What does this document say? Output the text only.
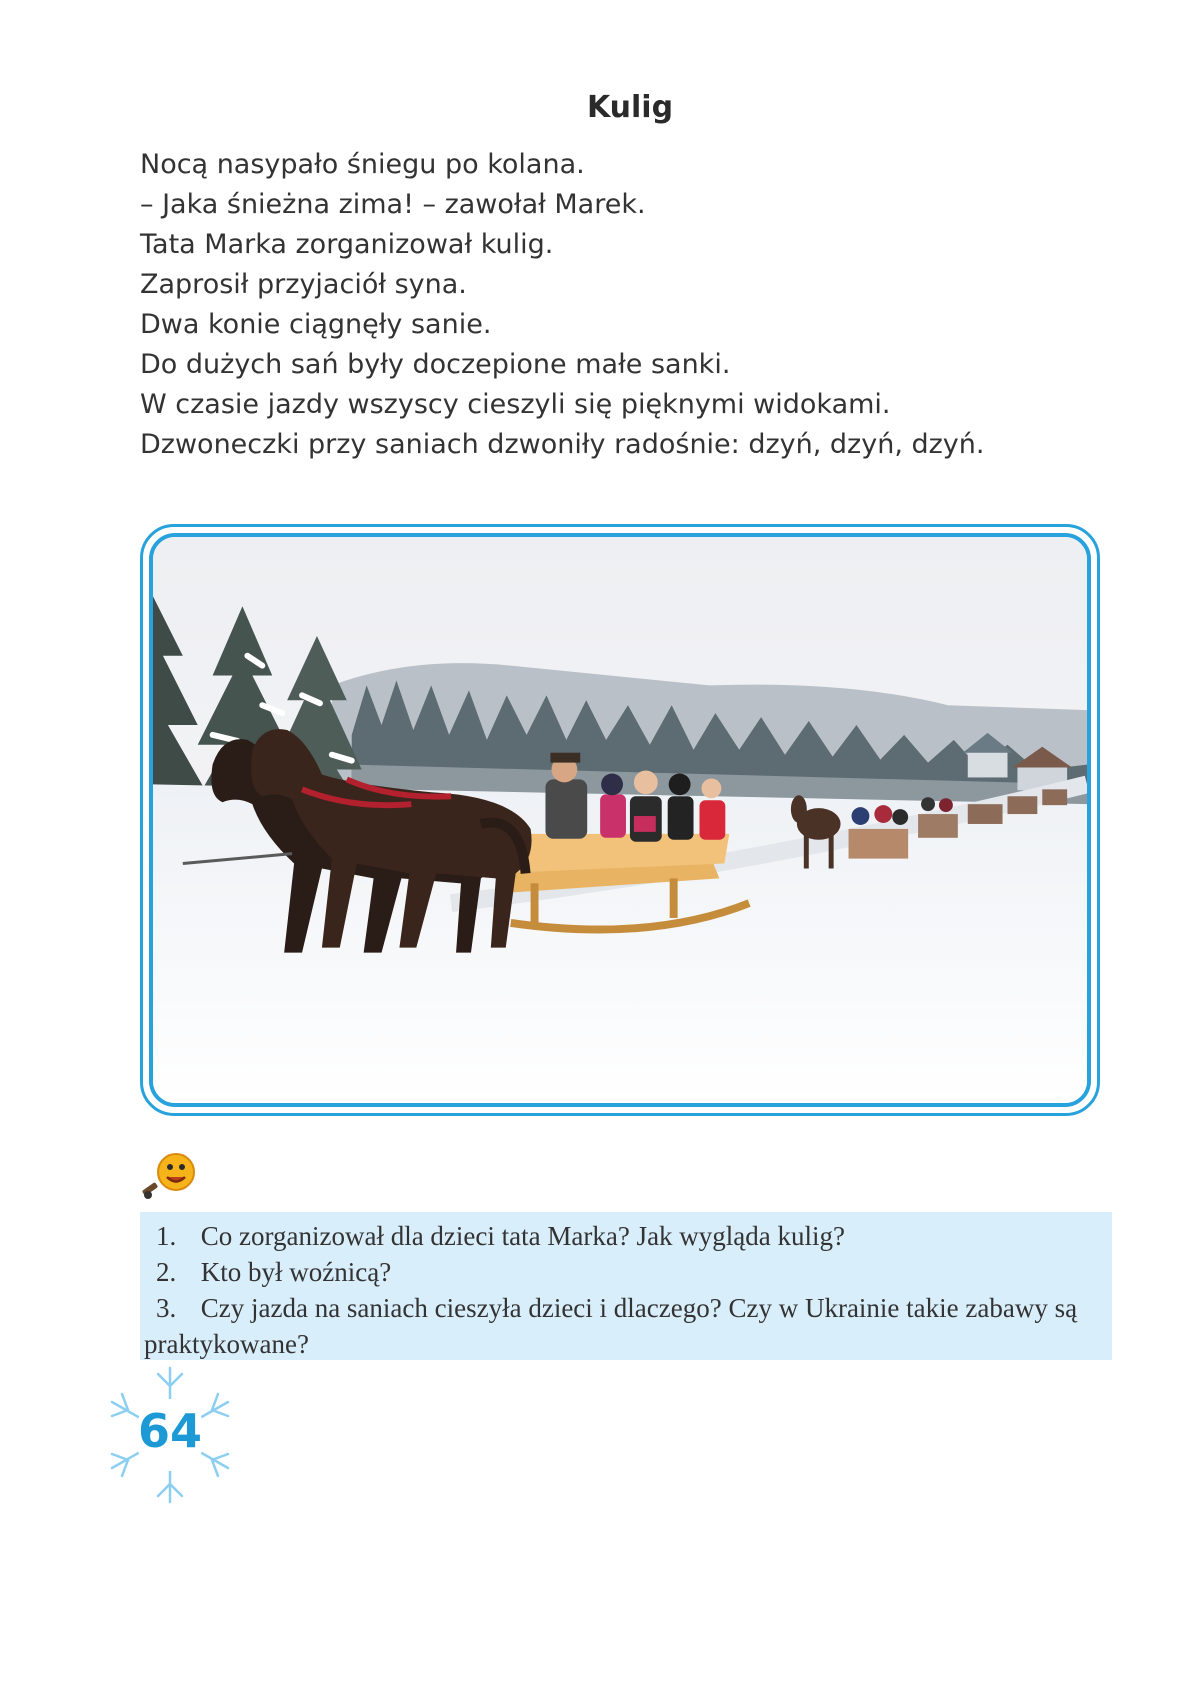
Kulig

Nocą nasypało śniegu po kolana.

– Jaka śnieżna zima! – zawołał Marek.

Tata Marka zorganizował kulig.

Zaprosił przyjaciół syna.

Dwa konie ciągnęły sanie.

Do dużych sań były doczepione małe sanki.

W czasie jazdy wszyscy cieszyli się pięknymi widokami.

Dzwoneczki przy saniach dzwoniły radośnie: dzyń, dzyń, dzyń.

1. Co zorganizował dla dzieci tata Marka? Jak wygląda kulig?

2. Kto był woźnicą?

3. Czy jazda na saniach cieszyła dzieci i dlaczego? Czy w Ukrainie takie zabawy są praktykowane?

64
